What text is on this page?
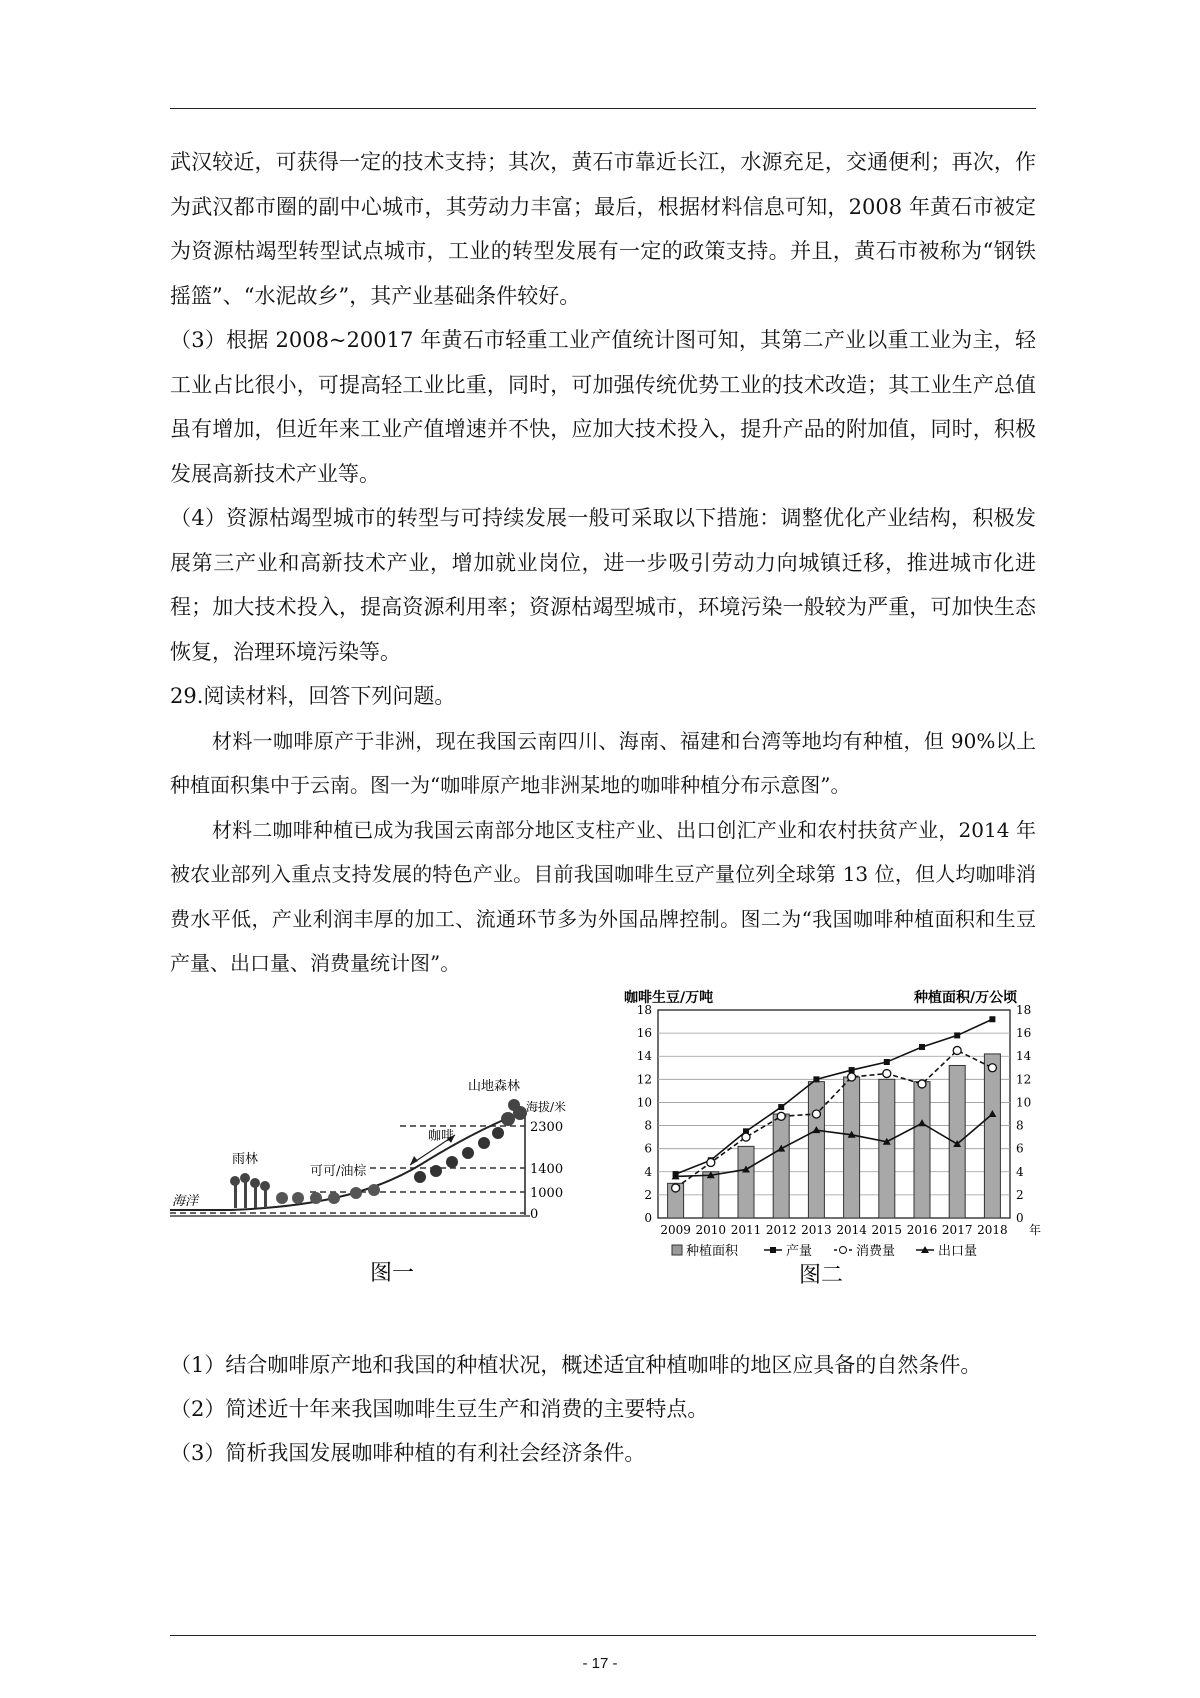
武汉较近，可获得一定的技术支持；其次，黄石市靠近长江，水源充足，交通便利；再次，作为武汉都市圈的副中心城市，其劳动力丰富；最后，根据材料信息可知，2008 年黄石市被定为资源枯竭型转型试点城市，工业的转型发展有一定的政策支持。并且，黄石市被称为“钢铁摇篮”、“水泥故乡”，其产业基础条件较好。

（3）根据 2008~20017 年黄石市轻重工业产值统计图可知，其第二产业以重工业为主，轻工业占比很小，可提高轻工业比重，同时，可加强传统优势工业的技术改造；其工业生产总值虽有增加，但近年来工业产值增速并不快，应加大技术投入，提升产品的附加值，同时，积极发展高新技术产业等。

（4）资源枯竭型城市的转型与可持续发展一般可采取以下措施：调整优化产业结构，积极发展第三产业和高新技术产业，增加就业岗位，进一步吸引劳动力向城镇迁移，推进城市化进程；加大技术投入，提高资源利用率；资源枯竭型城市，环境污染一般较为严重，可加快生态恢复，治理环境污染等。

29.阅读材料，回答下列问题。

材料一咖啡原产于非洲，现在我国云南四川、海南、福建和台湾等地均有种植，但 90%以上种植面积集中于云南。图一为“咖啡原产地非洲某地的咖啡种植分布示意图”。

材料二咖啡种植已成为我国云南部分地区支柱产业、出口创汇产业和农村扶贫产业，2014 年被农业部列入重点支持发展的特色产业。目前我国咖啡生豆产量位列全球第 13 位，但人均咖啡消费水平低，产业利润丰厚的加工、流通环节多为外国品牌控制。图二为“我国咖啡种植面积和生豆产量、出口量、消费量统计图”。

海洋
雨林
可可/油棕
咖啡
山地森林
海拔/米
2300
1400
1000
0
图一
咖啡生豆/万吨	种植面积/万公顷
0	0
2	2
4	4
6	6
8	8
10	10
12	12
14	14
16	16
18	18
2009 2010 2011 2012 2013 2014 2015 2016 2017 2018 年
种植面积	产量	消费量	出口量
图二
（1）结合咖啡原产地和我国的种植状况，概述适宜种植咖啡的地区应具备的自然条件。
（2）简述近十年来我国咖啡生豆生产和消费的主要特点。
（3）简析我国发展咖啡种植的有利社会经济条件。
- 17 -
